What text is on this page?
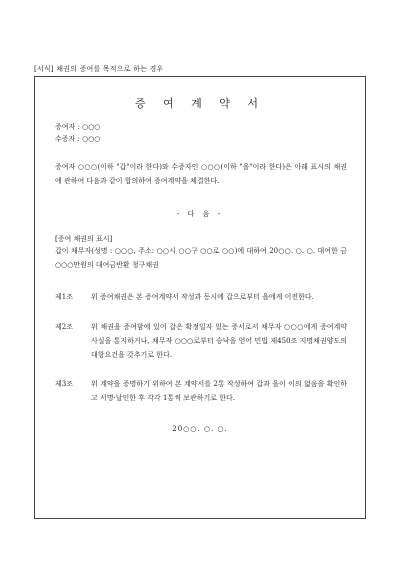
[서식] 채권의 증여를 목적으로 하는 경우
증 여 계 약 서
증여자 : ○○○
수증자 : ○○○

증여자 ○○○(이하 "갑"이라 한다)와 수증자인 ○○○(이하 "을"이라 한다)은 아래 표시의 채권에 관하여 다음과 같이 합의하여 증여계약을 체결한다.

- 다 음 -
[증여 채권의 표시]

갑이 채무자(성명 : ○○○, 주소: ○○시 ○○구 ○○로 ○○)에 대하여 20○○. ○. ○. 대여한 금 ○○○만원의 대여금반환 청구채권

제1조	위 증여채권은 본 증여계약서 작성과 동시에 갑으로부터 을에게 이전한다.
제2조	위 채권을 증여함에 있어 갑은 확정일자 있는 증서로서 채무자 ○○○에게 증여계약사실을 통지하거나, 채무자 ○○○로부터 승낙을 얻어 민법 제450조 지명채권양도의 대항요건을 갖추기로 한다.
제3조	위 계약을 증명하기 위하여 본 계약서를 2통 작성하여 갑과 을이 이의 없음을 확인하고 서명·날인한 후 각각 1통씩 보관하기로 한다.
20○○. ○. ○.
